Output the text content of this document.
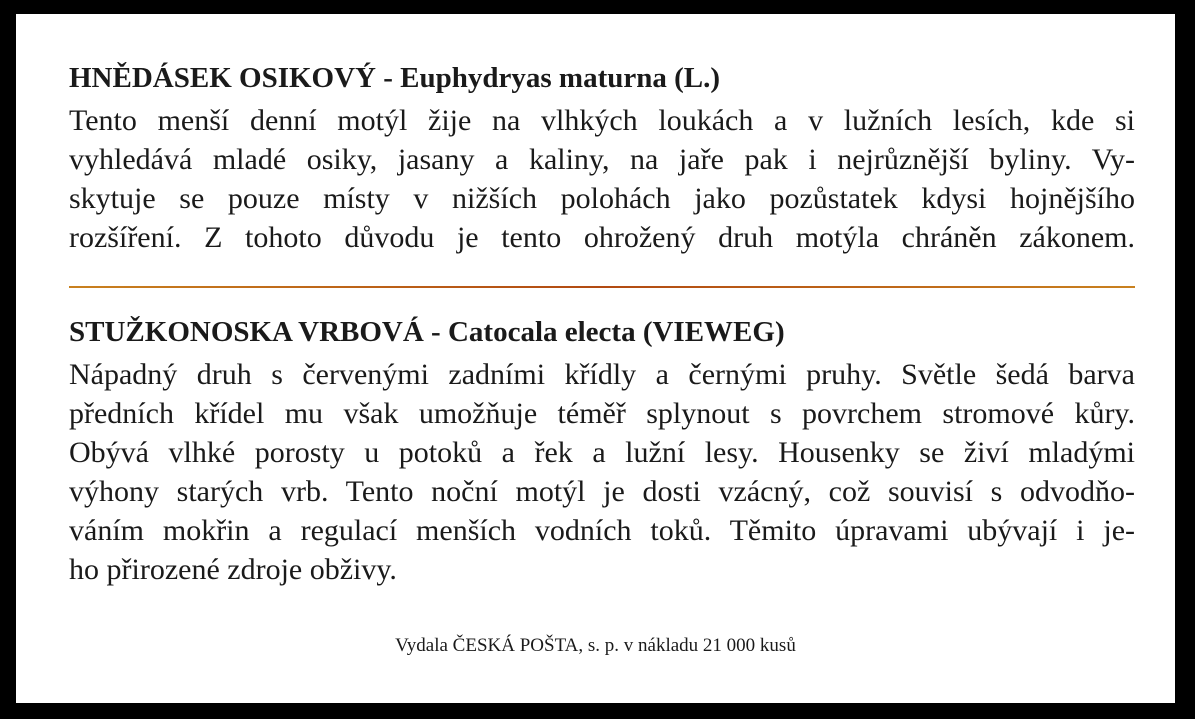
HNĚDÁSEK OSIKOVÝ - Euphydryas maturna (L.)
Tento menší denní motýl žije na vlhkých loukách a v lužních lesích, kde si
vyhledává mladé osiky, jasany a kaliny, na jaře pak i nejrůznější byliny. Vy-
skytuje se pouze místy v nižších polohách jako pozůstatek kdysi hojnějšího
rozšíření. Z tohoto důvodu je tento ohrožený druh motýla chráněn zákonem.
STUŽKONOSKA VRBOVÁ - Catocala electa (VIEWEG)
Nápadný druh s červenými zadními křídly a černými pruhy. Světle šedá barva
předních křídel mu však umožňuje téměř splynout s povrchem stromové kůry.
Obývá vlhké porosty u potoků a řek a lužní lesy. Housenky se živí mladými
výhony starých vrb. Tento noční motýl je dosti vzácný, což souvisí s odvodňo-
váním mokřin a regulací menších vodních toků. Těmito úpravami ubývají i je-
ho přirozené zdroje obživy.
Vydala ČESKÁ POŠTA, s. p. v nákladu 21 000 kusů
